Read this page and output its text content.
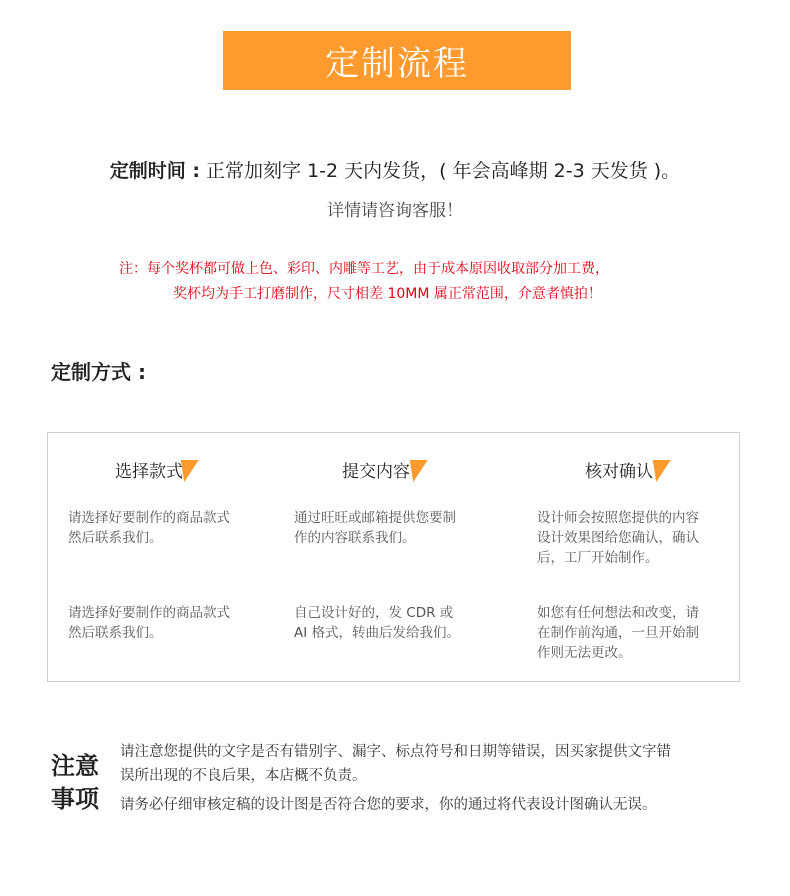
定制流程
定制时间 : 正常加刻字 1-2 天内发货，( 年会高峰期 2-3 天发货 )。
详情请咨询客服！
注：每个奖杯都可做上色、彩印、内雕等工艺，由于成本原因收取部分加工费，
奖杯均为手工打磨制作，尺寸相差 10MM 属正常范围，介意者慎拍！
定制方式 :
选择款式
请选择好要制作的商品款式
然后联系我们。
请选择好要制作的商品款式
然后联系我们。
提交内容
通过旺旺或邮箱提供您要制
作的内容联系我们。
自己设计好的，发 CDR 或
AI 格式，转曲后发给我们。
核对确认
设计师会按照您提供的内容
设计效果图给您确认，确认
后，工厂开始制作。
如您有任何想法和改变，请
在制作前沟通，一旦开始制
作则无法更改。
注意
事项
请注意您提供的文字是否有错别字、漏字、标点符号和日期等错误，因买家提供文字错
误所出现的不良后果，本店概不负责。
请务必仔细审核定稿的设计图是否符合您的要求，你的通过将代表设计图确认无误。
